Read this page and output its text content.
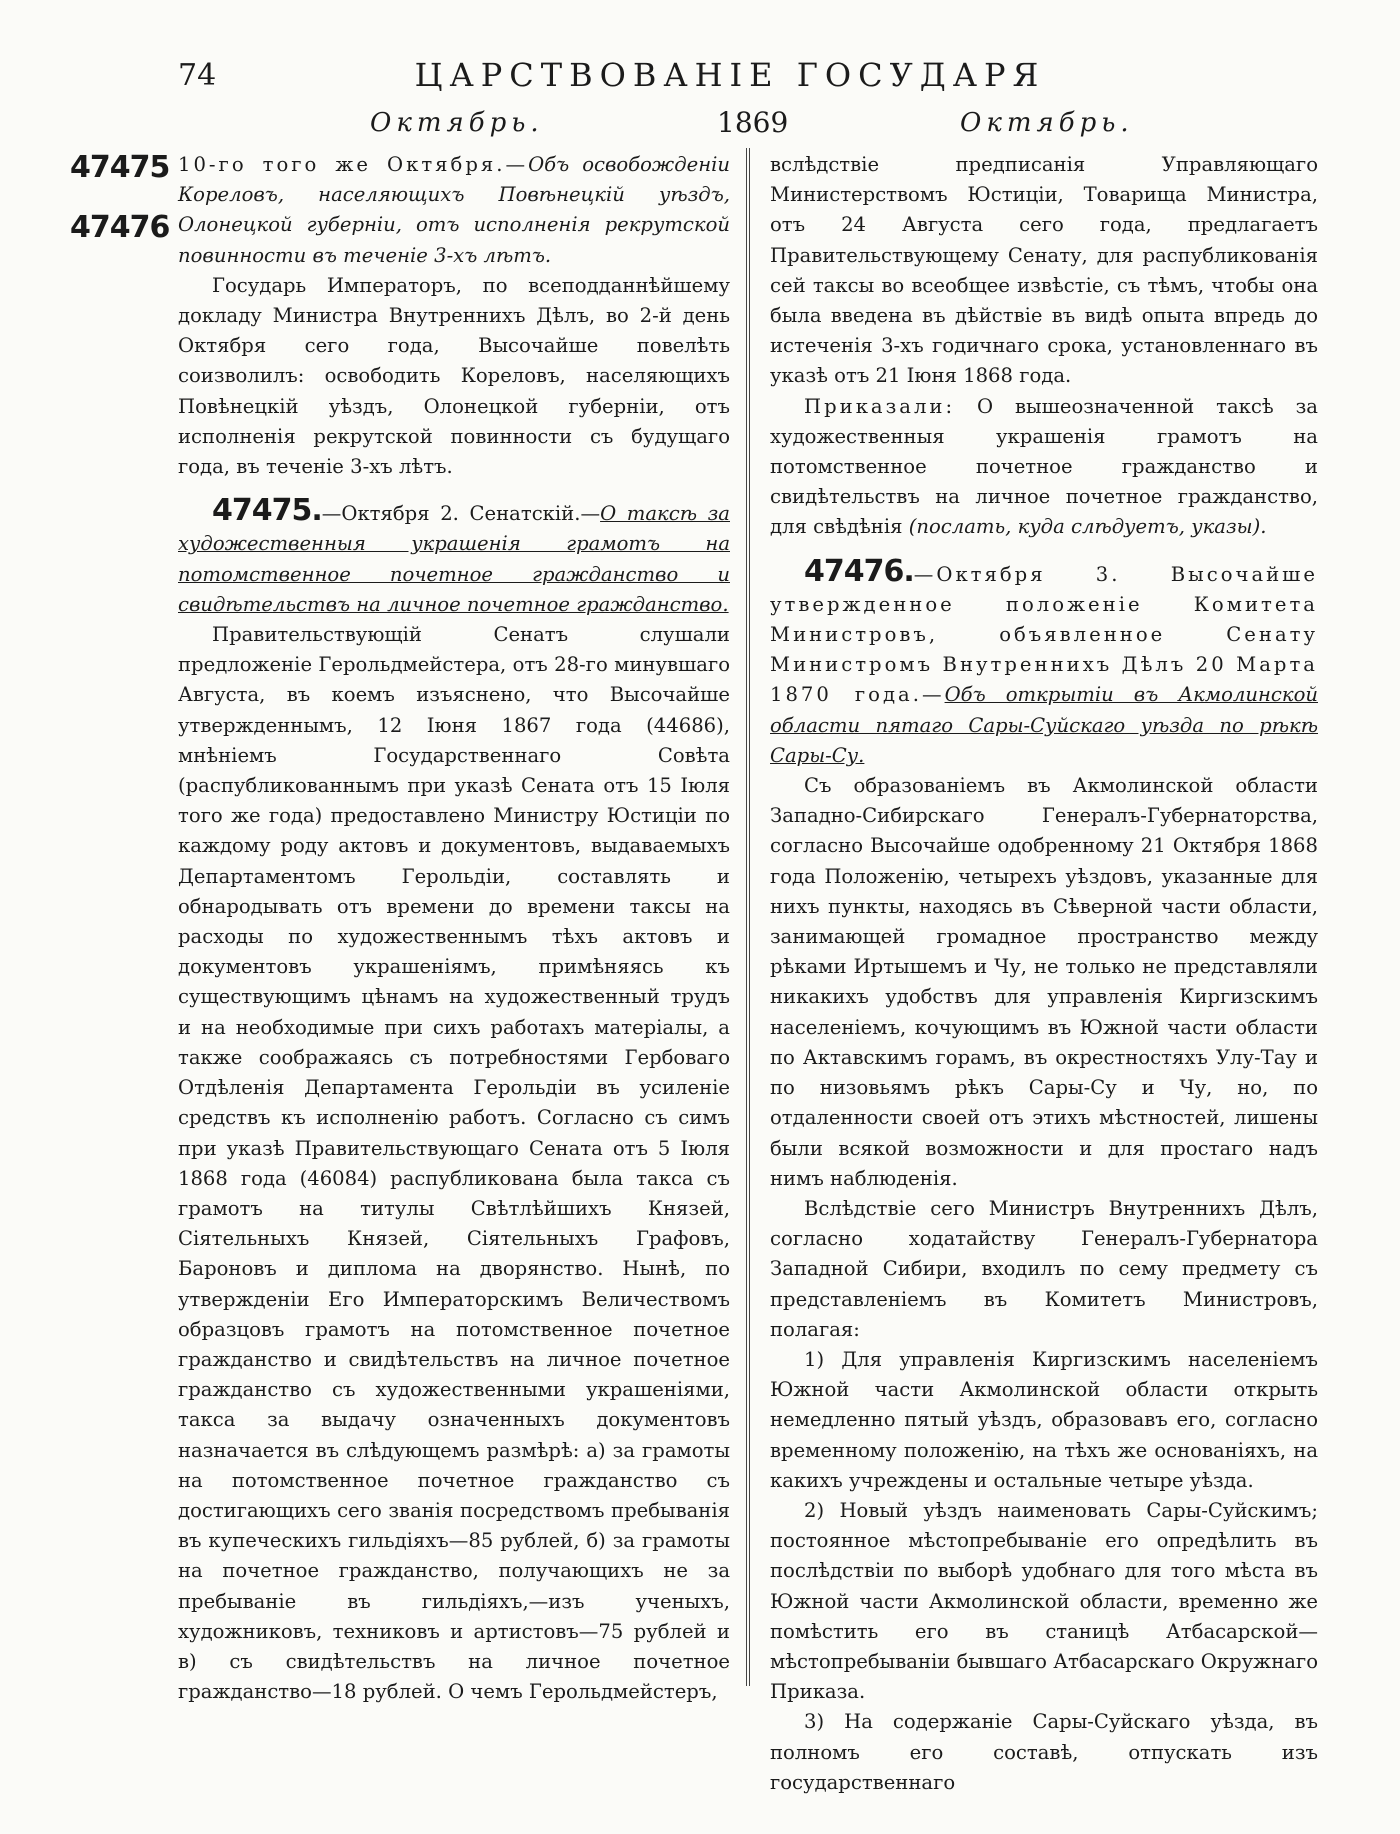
74	ЦАРСТВОВАНІЕ ГОСУДАРЯ
Октябрь.	1869	Октябрь.
47475
47476

10-го того же Октября.—Объ освобожденіи Кореловъ, населяющихъ Повѣнецкій уѣздъ, Олонецкой губерніи, отъ исполненія рекрутской повинности въ теченіе 3-хъ лѣтъ.

Государь Императоръ, по всеподданнѣйшему докладу Министра Внутреннихъ Дѣлъ, во 2-й день Октября сего года, Высочайше повелѣть соизволилъ: освободить Кореловъ, населяющихъ Повѣнецкій уѣздъ, Олонецкой губерніи, отъ исполненія рекрутской повинности съ будущаго года, въ теченіе 3-хъ лѣтъ.

47475.—Октября 2. Сенатскій.—О таксѣ за художественныя украшенія грамотъ на потомственное почетное гражданство и свидѣтельствъ на личное почетное гражданство.

Правительствующій Сенатъ слушали предложеніе Герольдмейстера, отъ 28-го минувшаго Августа, въ коемъ изъяснено, что Высочайше утвержденнымъ, 12 Іюня 1867 года (44686), мнѣніемъ Государственнаго Совѣта (распубликованнымъ при указѣ Сената отъ 15 Іюля того же года) предоставлено Министру Юстиціи по каждому роду актовъ и документовъ, выдаваемыхъ Департаментомъ Герольдіи, составлять и обнародывать отъ времени до времени таксы на расходы по художественнымъ тѣхъ актовъ и документовъ украшеніямъ, примѣняясь къ существующимъ цѣнамъ на художественный трудъ и на необходимые при сихъ работахъ матеріалы, а также соображаясь съ потребностями Гербоваго Отдѣленія Департамента Герольдіи въ усиленіе средствъ къ исполненію работъ. Согласно съ симъ при указѣ Правительствующаго Сената отъ 5 Іюля 1868 года (46084) распубликована была такса съ грамотъ на титулы Свѣтлѣйшихъ Князей, Сіятельныхъ Князей, Сіятельныхъ Графовъ, Бароновъ и диплома на дворянство. Нынѣ, по утвержденіи Его Императорскимъ Величествомъ образцовъ грамотъ на потомственное почетное гражданство и свидѣтельствъ на личное почетное гражданство съ художественными украшеніями, такса за выдачу означенныхъ документовъ назначается въ слѣдующемъ размѣрѣ: а) за грамоты на потомственное почетное гражданство съ достигающихъ сего званія посредствомъ пребыванія въ купеческихъ гильдіяхъ—85 рублей, б) за грамоты на почетное гражданство, получающихъ не за пребываніе въ гильдіяхъ,—изъ ученыхъ, художниковъ, техниковъ и артистовъ—75 рублей и в) съ свидѣтельствъ на личное почетное гражданство—18 рублей. О чемъ Герольдмейстеръ,

вслѣдствіе предписанія Управляющаго Министерствомъ Юстиціи, Товарища Министра, отъ 24 Августа сего года, предлагаетъ Правительствующему Сенату, для распубликованія сей таксы во всеобщее извѣстіе, съ тѣмъ, чтобы она была введена въ дѣйствіе въ видѣ опыта впредь до истеченія 3-хъ годичнаго срока, установленнаго въ указѣ отъ 21 Іюня 1868 года.

Приказали: О вышеозначенной таксѣ за художественныя украшенія грамотъ на потомственное почетное гражданство и свидѣтельствъ на личное почетное гражданство, для свѣдѣнія (послать, куда слѣдуетъ, указы).

47476.—Октября 3. Высочайше утвержденное положеніе Комитета Министровъ, объявленное Сенату Министромъ Внутреннихъ Дѣлъ 20 Марта 1870 года.—Объ открытіи въ Акмолинской области пятаго Сары-Суйскаго уѣзда по рѣкѣ Сары-Су.

Съ образованіемъ въ Акмолинской области Западно-Сибирскаго Генералъ-Губернаторства, согласно Высочайше одобренному 21 Октября 1868 года Положенію, четырехъ уѣздовъ, указанные для нихъ пункты, находясь въ Сѣверной части области, занимающей громадное пространство между рѣками Иртышемъ и Чу, не только не представляли никакихъ удобствъ для управленія Киргизскимъ населеніемъ, кочующимъ въ Южной части области по Актавскимъ горамъ, въ окрестностяхъ Улу-Тау и по низовьямъ рѣкъ Сары-Су и Чу, но, по отдаленности своей отъ этихъ мѣстностей, лишены были всякой возможности и для простаго надъ нимъ наблюденія.

Вслѣдствіе сего Министръ Внутреннихъ Дѣлъ, согласно ходатайству Генералъ-Губернатора Западной Сибири, входилъ по сему предмету съ представленіемъ въ Комитетъ Министровъ, полагая:

1) Для управленія Киргизскимъ населеніемъ Южной части Акмолинской области открыть немедленно пятый уѣздъ, образовавъ его, согласно временному положенію, на тѣхъ же основаніяхъ, на какихъ учреждены и остальные четыре уѣзда.

2) Новый уѣздъ наименовать Сары-Суйскимъ; постоянное мѣстопребываніе его опредѣлить въ послѣдствіи по выборѣ удобнаго для того мѣста въ Южной части Акмолинской области, временно же помѣстить его въ станицѣ Атбасарской—мѣстопребываніи бывшаго Атбасарскаго Окружнаго Приказа.

3) На содержаніе Сары-Суйскаго уѣзда, въ полномъ его составѣ, отпускать изъ государственнаго
